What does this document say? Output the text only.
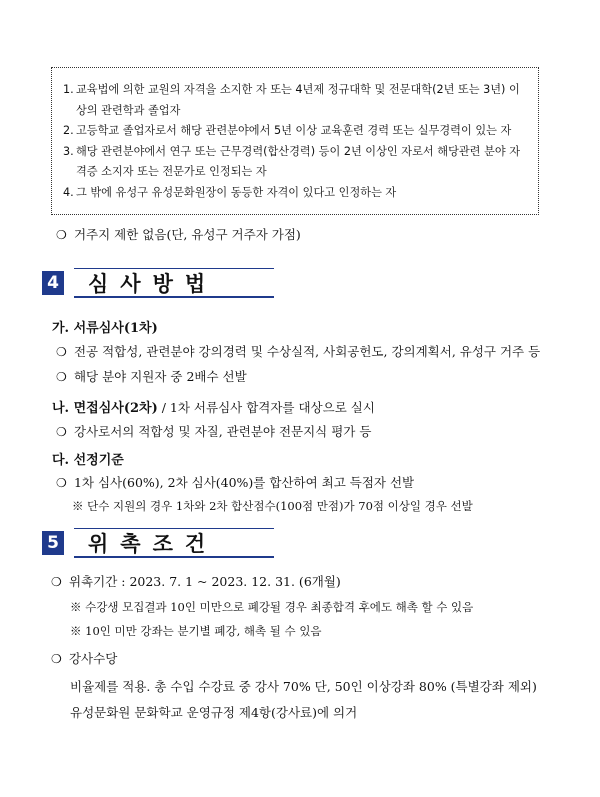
1. 교육법에 의한 교원의 자격을 소지한 자 또는 4년제 정규대학 및 전문대학(2년 또는 3년) 이상의 관련학과 졸업자
2. 고등학교 졸업자로서 해당 관련분야에서 5년 이상 교육훈련 경력 또는 실무경력이 있는 자
3. 해당 관련분야에서 연구 또는 근무경력(합산경력) 등이 2년 이상인 자로서 해당관련 분야 자격증 소지자 또는 전문가로 인정되는 자
4. 그 밖에 유성구 유성문화원장이 동등한 자격이 있다고 인정하는 자
❍ 거주지 제한 없음(단, 유성구 거주자 가점)
4	심사방법
가. 서류심사(1차)
❍ 전공 적합성, 관련분야 강의경력 및 수상실적, 사회공헌도, 강의계획서, 유성구 거주 등
❍ 해당 분야 지원자 중 2배수 선발
나. 면접심사(2차) / 1차 서류심사 합격자를 대상으로 실시
❍ 강사로서의 적합성 및 자질, 관련분야 전문지식 평가 등
다. 선정기준
❍ 1차 심사(60%), 2차 심사(40%)를 합산하여 최고 득점자 선발
※ 단수 지원의 경우 1차와 2차 합산점수(100점 만점)가 70점 이상일 경우 선발
5	위촉조건
❍ 위촉기간 : 2023. 7. 1 ~ 2023. 12. 31. (6개월)
※ 수강생 모집결과 10인 미만으로 폐강될 경우 최종합격 후에도 해촉 할 수 있음
※ 10인 미만 강좌는 분기별 폐강, 해촉 될 수 있음
❍ 강사수당
비율제를 적용. 총 수입 수강료 중 강사 70% 단, 50인 이상강좌 80% (특별강좌 제외)
유성문화원 문화학교 운영규정 제4항(강사료)에 의거
